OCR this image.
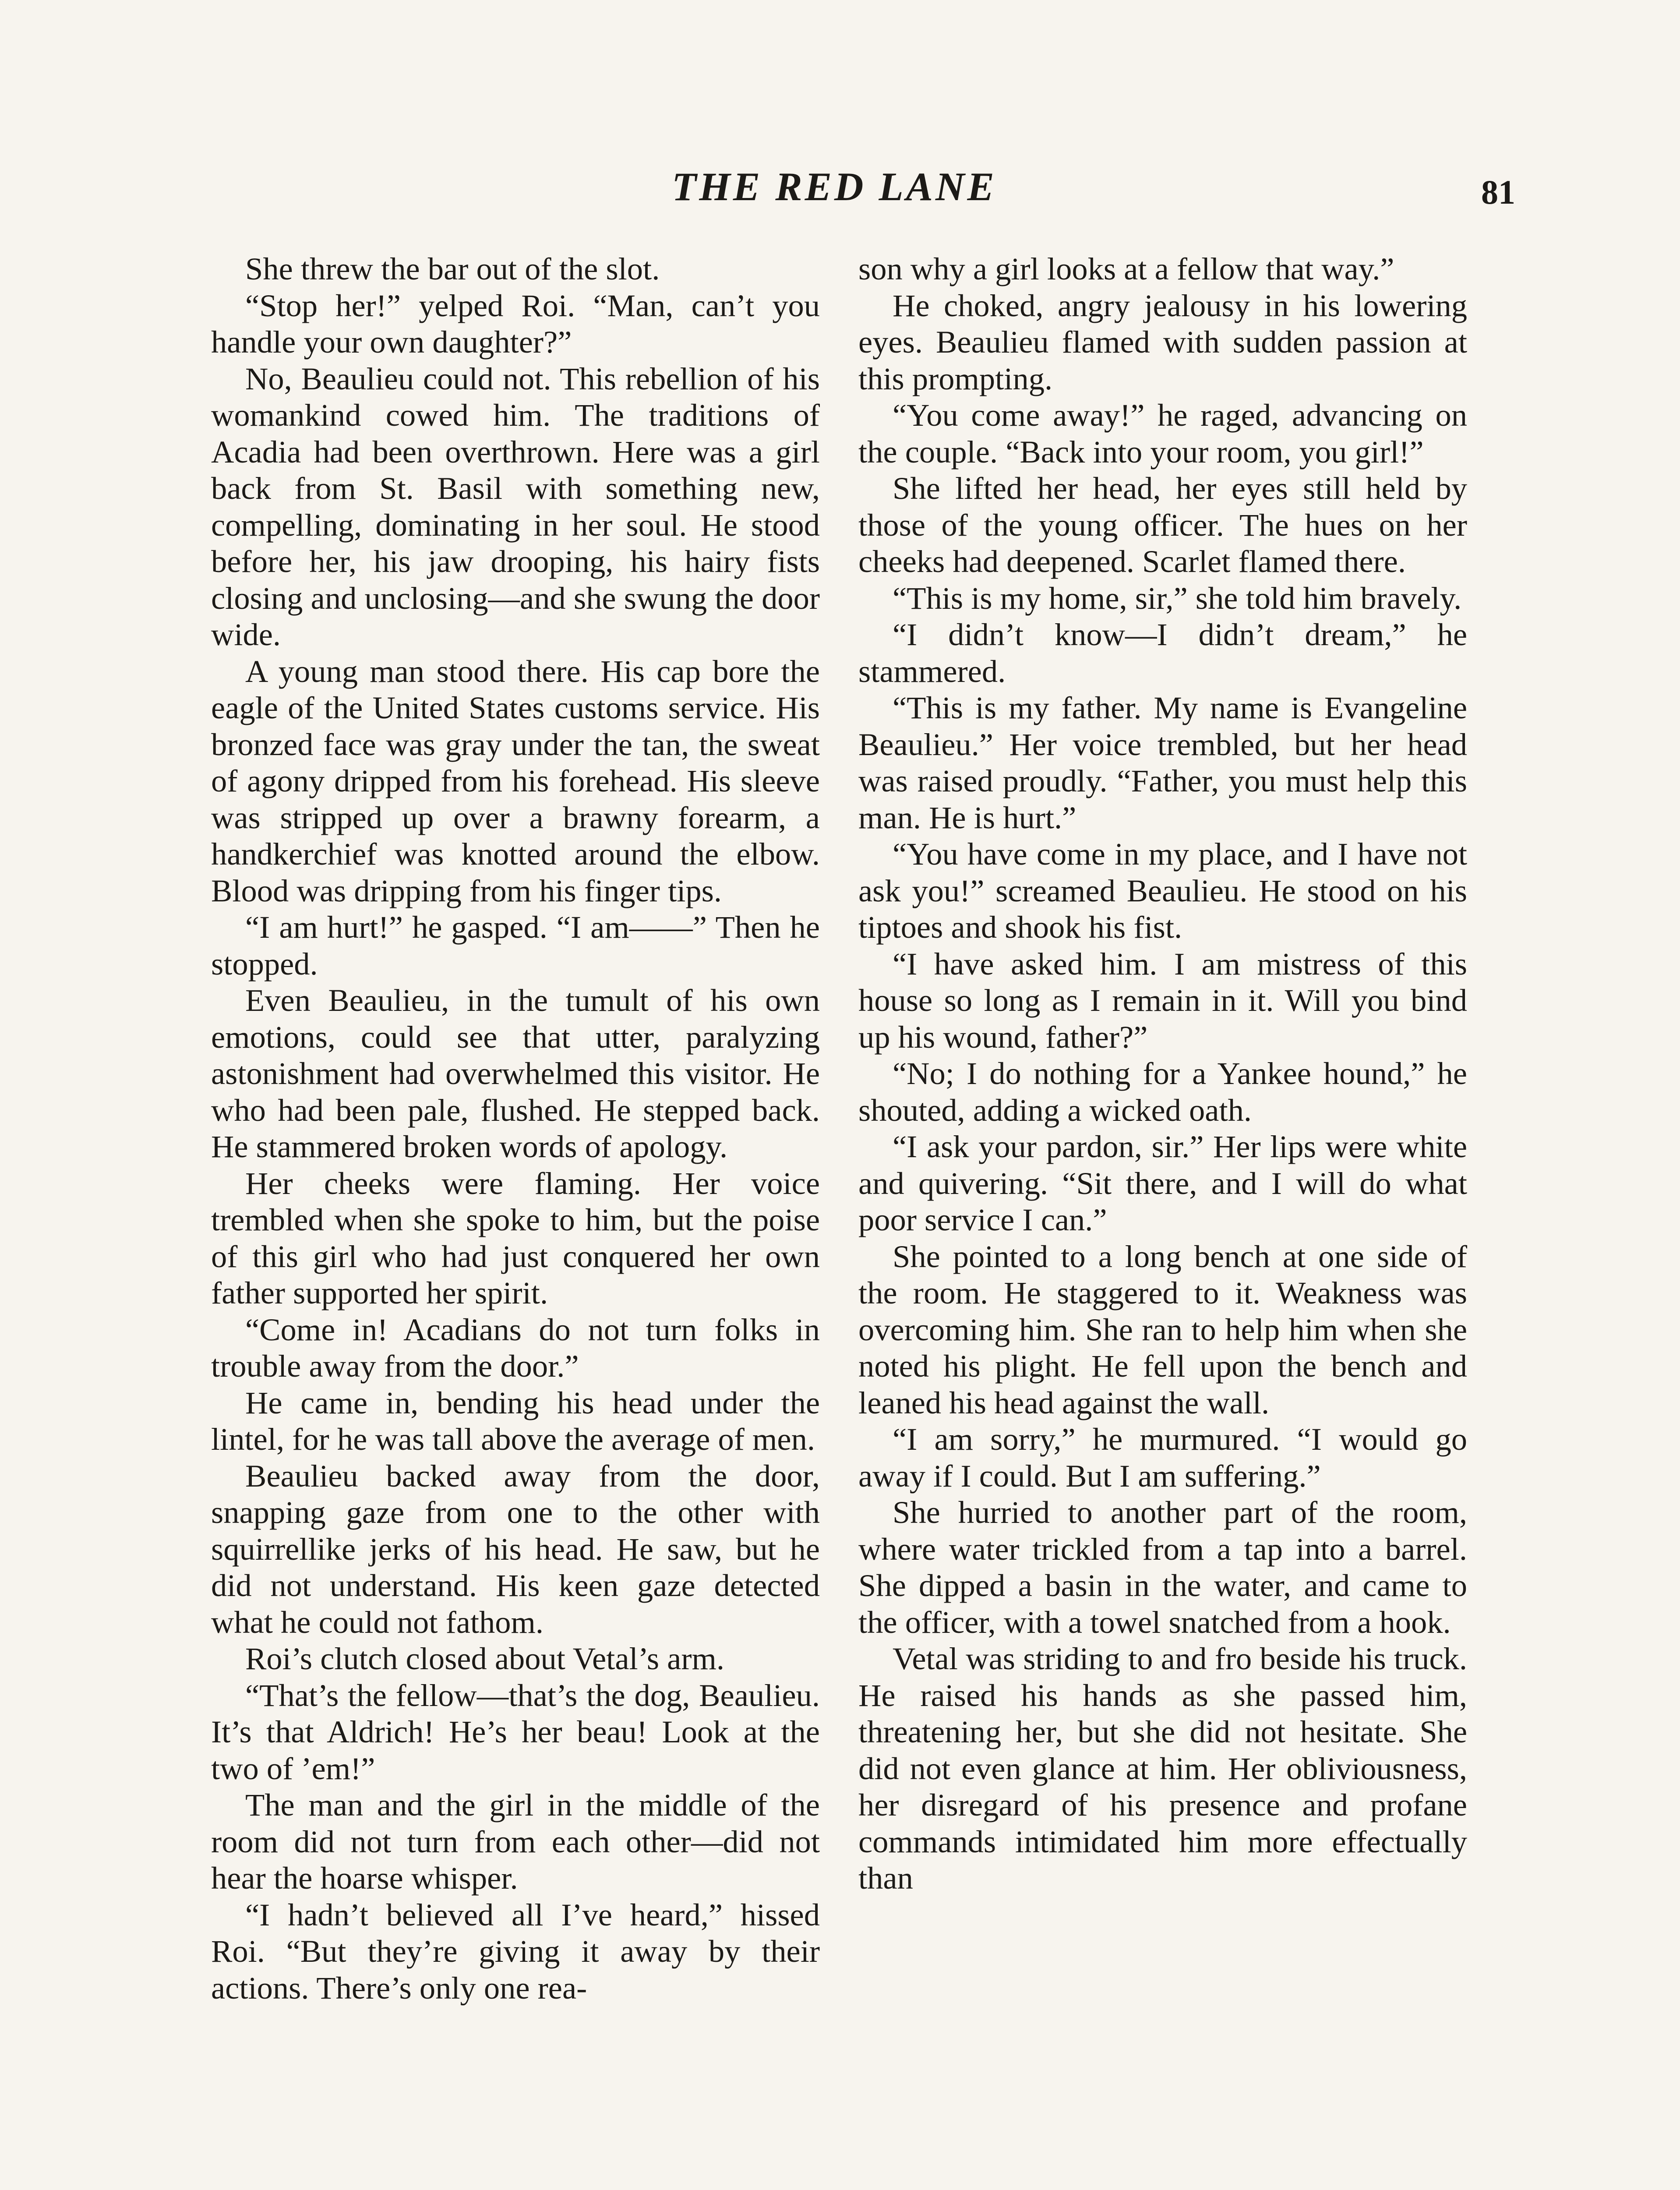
THE RED LANE	81

She threw the bar out of the slot.

“Stop her!” yelped Roi. “Man, can’t you handle your own daughter?”

No, Beaulieu could not. This rebellion of his womankind cowed him. The traditions of Acadia had been overthrown. Here was a girl back from St. Basil with something new, compelling, dominating in her soul. He stood before her, his jaw drooping, his hairy fists closing and unclosing—and she swung the door wide.

A young man stood there. His cap bore the eagle of the United States customs service. His bronzed face was gray under the tan, the sweat of agony dripped from his forehead. His sleeve was stripped up over a brawny forearm, a handkerchief was knotted around the elbow. Blood was dripping from his finger tips.

“I am hurt!” he gasped. “I am——” Then he stopped.

Even Beaulieu, in the tumult of his own emotions, could see that utter, paralyzing astonishment had overwhelmed this visitor. He who had been pale, flushed. He stepped back. He stammered broken words of apology.

Her cheeks were flaming. Her voice trembled when she spoke to him, but the poise of this girl who had just conquered her own father supported her spirit.

“Come in! Acadians do not turn folks in trouble away from the door.”

He came in, bending his head under the lintel, for he was tall above the average of men.

Beaulieu backed away from the door, snapping gaze from one to the other with squirrellike jerks of his head. He saw, but he did not understand. His keen gaze detected what he could not fathom.

Roi’s clutch closed about Vetal’s arm.

“That’s the fellow—that’s the dog, Beaulieu. It’s that Aldrich! He’s her beau! Look at the two of ’em!”

The man and the girl in the middle of the room did not turn from each other—did not hear the hoarse whisper.

“I hadn’t believed all I’ve heard,” hissed Roi. “But they’re giving it away by their actions. There’s only one rea-

son why a girl looks at a fellow that way.”

He choked, angry jealousy in his lowering eyes. Beaulieu flamed with sudden passion at this prompting.

“You come away!” he raged, advancing on the couple. “Back into your room, you girl!”

She lifted her head, her eyes still held by those of the young officer. The hues on her cheeks had deepened. Scarlet flamed there.

“This is my home, sir,” she told him bravely.

“I didn’t know—I didn’t dream,” he stammered.

“This is my father. My name is Evangeline Beaulieu.” Her voice trembled, but her head was raised proudly. “Father, you must help this man. He is hurt.”

“You have come in my place, and I have not ask you!” screamed Beaulieu. He stood on his tiptoes and shook his fist.

“I have asked him. I am mistress of this house so long as I remain in it. Will you bind up his wound, father?”

“No; I do nothing for a Yankee hound,” he shouted, adding a wicked oath.

“I ask your pardon, sir.” Her lips were white and quivering. “Sit there, and I will do what poor service I can.”

She pointed to a long bench at one side of the room. He staggered to it. Weakness was overcoming him. She ran to help him when she noted his plight. He fell upon the bench and leaned his head against the wall.

“I am sorry,” he murmured. “I would go away if I could. But I am suffering.”

She hurried to another part of the room, where water trickled from a tap into a barrel. She dipped a basin in the water, and came to the officer, with a towel snatched from a hook.

Vetal was striding to and fro beside his truck. He raised his hands as she passed him, threatening her, but she did not hesitate. She did not even glance at him. Her obliviousness, her disregard of his presence and profane commands intimidated him more effectually than
